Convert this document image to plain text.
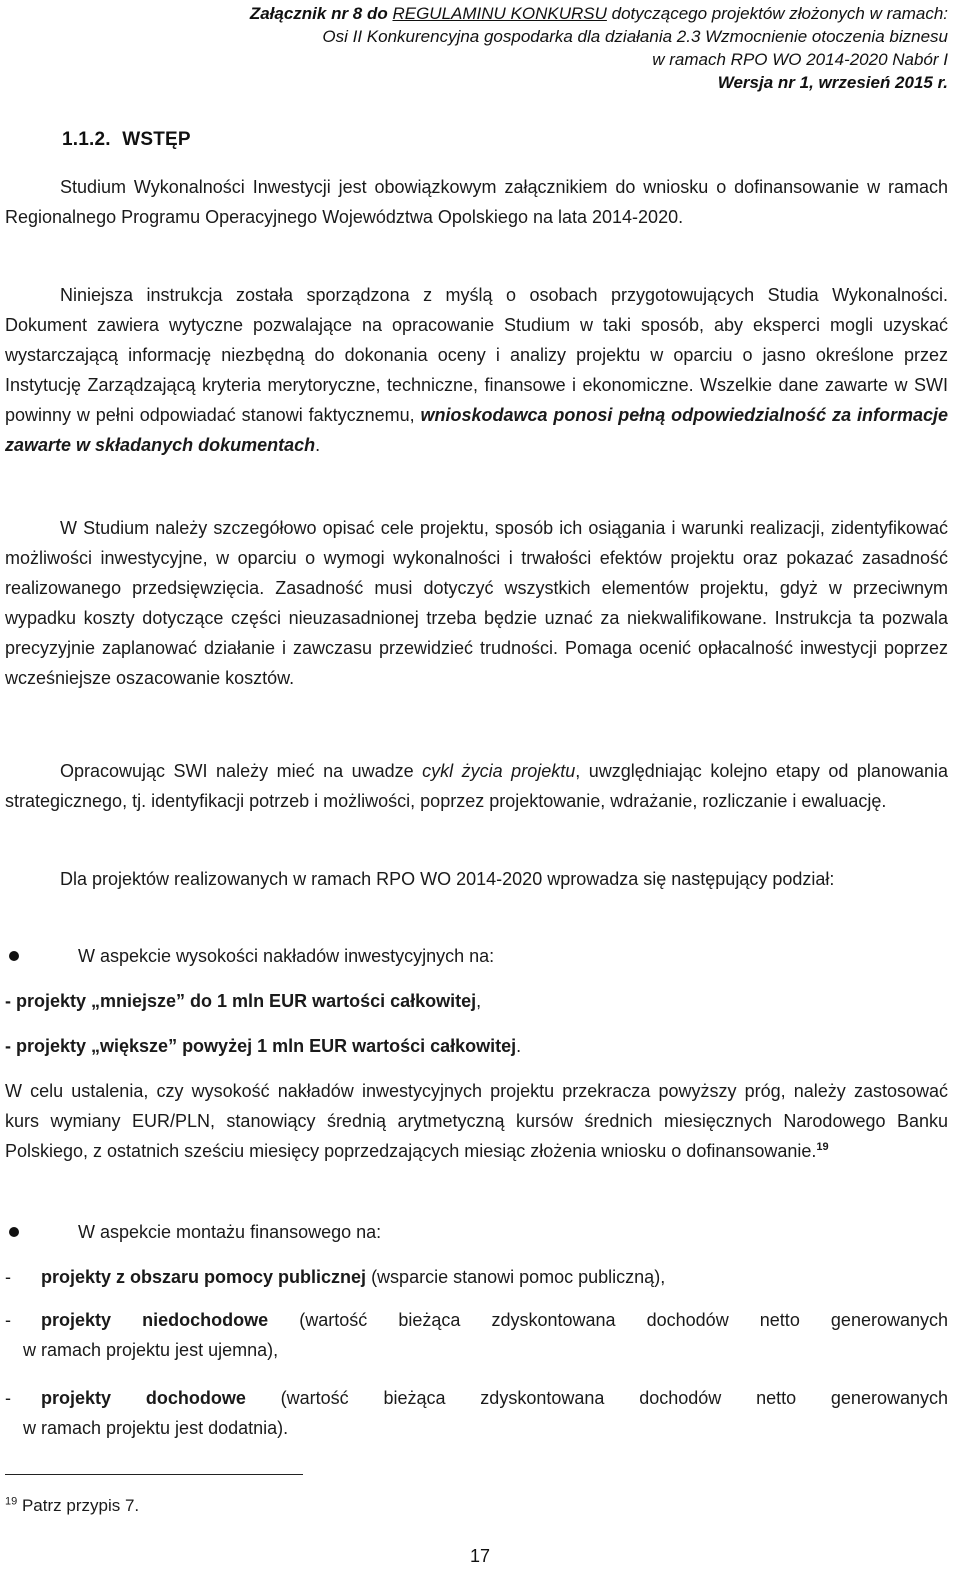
Załącznik nr 8 do REGULAMINU KONKURSU dotyczącego projektów złożonych w ramach:
Osi II Konkurencyjna gospodarka dla działania 2.3 Wzmocnienie otoczenia biznesu
w ramach RPO WO 2014-2020 Nabór I
Wersja nr 1, wrzesień 2015 r.
1.1.2. WSTĘP

Studium Wykonalności Inwestycji jest obowiązkowym załącznikiem do wniosku o dofinansowanie w ramach Regionalnego Programu Operacyjnego Województwa Opolskiego na lata 2014-2020.

Niniejsza instrukcja została sporządzona z myślą o osobach przygotowujących Studia Wykonalności. Dokument zawiera wytyczne pozwalające na opracowanie Studium w taki sposób, aby eksperci mogli uzyskać wystarczającą informację niezbędną do dokonania oceny i analizy projektu w oparciu o jasno określone przez Instytucję Zarządzającą kryteria merytoryczne, techniczne, finansowe i ekonomiczne. Wszelkie dane zawarte w SWI powinny w pełni odpowiadać stanowi faktycznemu, wnioskodawca ponosi pełną odpowiedzialność za informacje zawarte w składanych dokumentach.

W Studium należy szczegółowo opisać cele projektu, sposób ich osiągania i warunki realizacji, zidentyfikować możliwości inwestycyjne, w oparciu o wymogi wykonalności i trwałości efektów projektu oraz pokazać zasadność realizowanego przedsięwzięcia. Zasadność musi dotyczyć wszystkich elementów projektu, gdyż w przeciwnym wypadku koszty dotyczące części nieuzasadnionej trzeba będzie uznać za niekwalifikowane. Instrukcja ta pozwala precyzyjnie zaplanować działanie i zawczasu przewidzieć trudności. Pomaga ocenić opłacalność inwestycji poprzez wcześniejsze oszacowanie kosztów.

Opracowując SWI należy mieć na uwadze cykl życia projektu, uwzględniając kolejno etapy od planowania strategicznego, tj. identyfikacji potrzeb i możliwości, poprzez projektowanie, wdrażanie, rozliczanie i ewaluację.

Dla projektów realizowanych w ramach RPO WO 2014-2020 wprowadza się następujący podział:

W aspekcie wysokości nakładów inwestycyjnych na:
- projekty „mniejsze” do 1 mln EUR wartości całkowitej,
- projekty „większe” powyżej 1 mln EUR wartości całkowitej.

W celu ustalenia, czy wysokość nakładów inwestycyjnych projektu przekracza powyższy próg, należy zastosować kurs wymiany EUR/PLN, stanowiący średnią arytmetyczną kursów średnich miesięcznych Narodowego Banku Polskiego, z ostatnich sześciu miesięcy poprzedzających miesiąc złożenia wniosku o dofinansowanie.$^{19}$

W aspekcie montażu finansowego na:
- projekty z obszaru pomocy publicznej (wsparcie stanowi pomoc publiczną),
- projekty niedochodowe (wartość bieżąca zdyskontowana dochodów netto generowanych
w ramach projektu jest ujemna),
- projekty dochodowe (wartość bieżąca zdyskontowana dochodów netto generowanych
w ramach projektu jest dodatnia).
$^{19}$ Patrz przypis 7.
17
